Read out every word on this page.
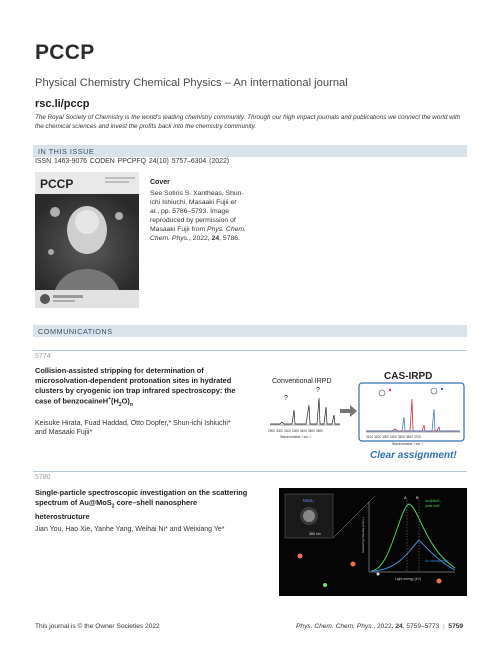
PCCP
Physical Chemistry Chemical Physics – An international journal
rsc.li/pccp
The Royal Society of Chemistry is the world's leading chemistry community. Through our high impact journals and publications we connect the world with the chemical sciences and invest the profits back into the chemistry community.
IN THIS ISSUE
ISSN 1463-9076 CODEN PPCPFQ 24(10) 5757–6304 (2022)
PCCP	Cover
See Sotiris S. Xantheas, Shun-ichi Ishiuchi, Masaaki Fujii et al., pp. 5786–5793. Image reproduced by permission of Masaaki Fujii from Phys. Chem. Chem. Phys., 2022, 24, 5786.
COMMUNICATIONS
5774
Collision-assisted stripping for determination of microsolvation-dependent protonation sites in hydrated clusters by cryogenic ion trap infrared spectroscopy: the case of $benzocaineH^+(H_2O)_n$
Keisuke Hirata, Fuad Haddad, Otto Dopfer,* Shun-ichi Ishiuchi* and Masaaki Fujii*
Conventional IRPD
?
?
2900 3000 3200 3300 3400 3500 3600
Wavenumber / cm⁻¹
CAS-IRPD
3100 3200 3300 3400 3500 3600 3700
Wavenumber / cm⁻¹
Clear assignment!
5780
Single-particle spectroscopic investigation on the scattering spectrum of Au@MoS$_2$ core–shell nanosphere heterostructure
Jian You, Hao Xie, Yanhe Yang, Weihai Ni* and Weixiang Ye*
MoS₂
380 nm	Scattering intensity (arb.u.)
A B
Au@MoS₂
peak shift
Au nanosphere
Light energy (eV)
This journal is © the Owner Societies 2022	Phys. Chem. Chem. Phys., 2022, 24, 5759–5773 | 5759
